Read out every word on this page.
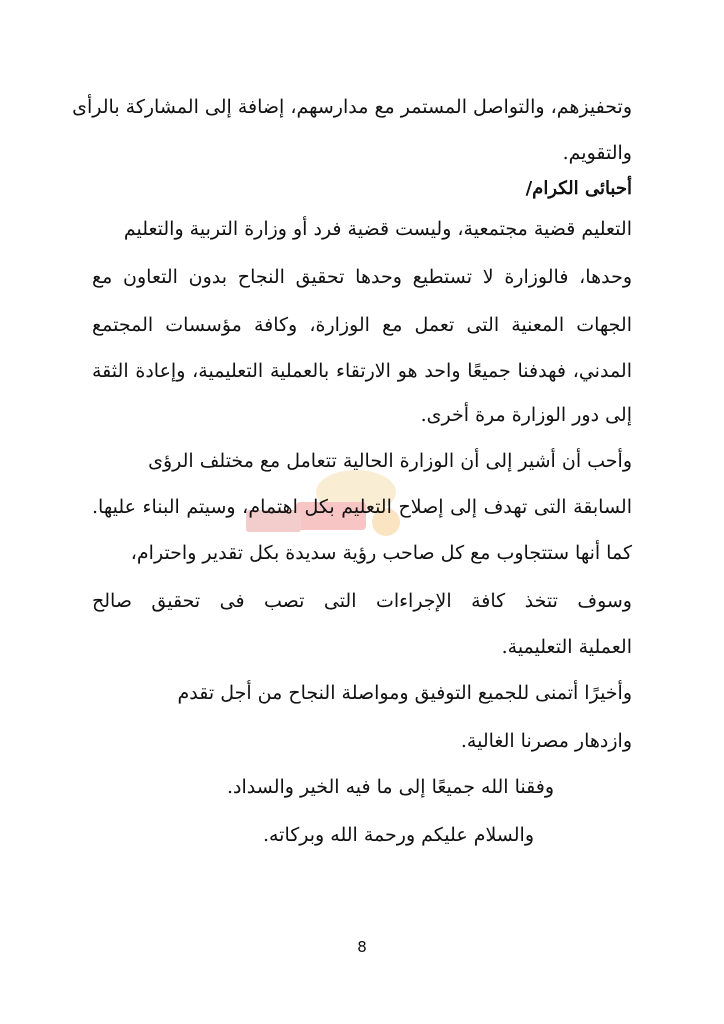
وتحفيزهم، والتواصل المستمر مع مدارسهم، إضافة إلى المشاركة بالرأى
والتقويم.
أحبائى الكرام/
التعليم قضية مجتمعية، وليست قضية فرد أو وزارة التربية والتعليم
وحدها، فالوزارة لا تستطيع وحدها تحقيق النجاح بدون التعاون مع
الجهات المعنية التى تعمل مع الوزارة، وكافة مؤسسات المجتمع
المدني، فهدفنا جميعًا واحد هو الارتقاء بالعملية التعليمية، وإعادة الثقة
إلى دور الوزارة مرة أخرى.
وأحب أن أشير إلى أن الوزارة الحالية تتعامل مع مختلف الرؤى
السابقة التى تهدف إلى إصلاح التعليم بكل اهتمام، وسيتم البناء عليها.
كما أنها ستتجاوب مع كل صاحب رؤية سديدة بكل تقدير واحترام،
وسوف تتخذ كافة الإجراءات التى تصب فى تحقيق صالح
العملية التعليمية.
وأخيرًا أتمنى للجميع التوفيق ومواصلة النجاح من أجل تقدم
وازدهار مصرنا الغالية.
وفقنا الله جميعًا إلى ما فيه الخير والسداد.
والسلام عليكم ورحمة الله وبركاته.
8
